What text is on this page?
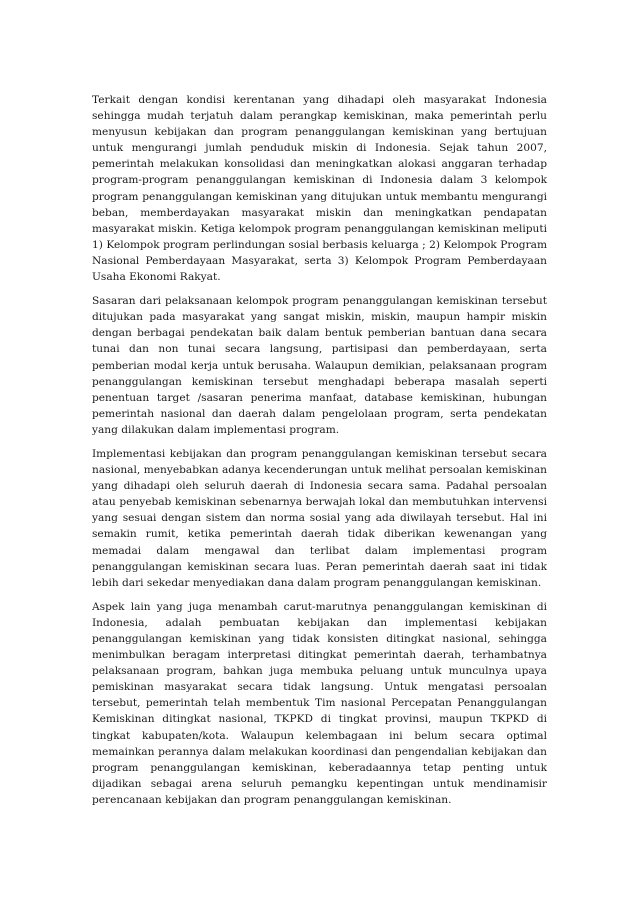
Terkait dengan kondisi kerentanan yang dihadapi oleh masyarakat Indonesia sehingga mudah terjatuh dalam perangkap kemiskinan, maka pemerintah perlu menyusun kebijakan dan program penanggulangan kemiskinan yang bertujuan untuk mengurangi jumlah penduduk miskin di Indonesia. Sejak tahun 2007, pemerintah melakukan konsolidasi dan meningkatkan alokasi anggaran terhadap program-program penanggulangan kemiskinan di Indonesia dalam 3 kelompok program penanggulangan kemiskinan yang ditujukan untuk membantu mengurangi beban, memberdayakan masyarakat miskin dan meningkatkan pendapatan masyarakat miskin. Ketiga kelompok program penanggulangan kemiskinan meliputi 1) Kelompok program perlindungan sosial berbasis keluarga ; 2) Kelompok Program Nasional Pemberdayaan Masyarakat, serta 3) Kelompok Program Pemberdayaan Usaha Ekonomi Rakyat.

Sasaran dari pelaksanaan kelompok program penanggulangan kemiskinan tersebut ditujukan pada masyarakat yang sangat miskin, miskin, maupun hampir miskin dengan berbagai pendekatan baik dalam bentuk pemberian bantuan dana secara tunai dan non tunai secara langsung, partisipasi dan pemberdayaan, serta pemberian modal kerja untuk berusaha. Walaupun demikian, pelaksanaan program penanggulangan kemiskinan tersebut menghadapi beberapa masalah seperti penentuan target /sasaran penerima manfaat, database kemiskinan, hubungan pemerintah nasional dan daerah dalam pengelolaan program, serta pendekatan yang dilakukan dalam implementasi program.

Implementasi kebijakan dan program penanggulangan kemiskinan tersebut secara nasional, menyebabkan adanya kecenderungan untuk melihat persoalan kemiskinan yang dihadapi oleh seluruh daerah di Indonesia secara sama. Padahal persoalan atau penyebab kemiskinan sebenarnya berwajah lokal dan membutuhkan intervensi yang sesuai dengan sistem dan norma sosial yang ada diwilayah tersebut. Hal ini semakin rumit, ketika pemerintah daerah tidak diberikan kewenangan yang memadai dalam mengawal dan terlibat dalam implementasi program penanggulangan kemiskinan secara luas. Peran pemerintah daerah saat ini tidak lebih dari sekedar menyediakan dana dalam program penanggulangan kemiskinan.

Aspek lain yang juga menambah carut-marutnya penanggulangan kemiskinan di Indonesia, adalah pembuatan kebijakan dan implementasi kebijakan penanggulangan kemiskinan yang tidak konsisten ditingkat nasional, sehingga menimbulkan beragam interpretasi ditingkat pemerintah daerah, terhambatnya pelaksanaan program, bahkan juga membuka peluang untuk munculnya upaya pemiskinan masyarakat secara tidak langsung. Untuk mengatasi persoalan tersebut, pemerintah telah membentuk Tim nasional Percepatan Penanggulangan Kemiskinan ditingkat nasional, TKPKD di tingkat provinsi, maupun TKPKD di tingkat kabupaten/kota. Walaupun kelembagaan ini belum secara optimal memainkan perannya dalam melakukan koordinasi dan pengendalian kebijakan dan program penanggulangan kemiskinan, keberadaannya tetap penting untuk dijadikan sebagai arena seluruh pemangku kepentingan untuk mendinamisir perencanaan kebijakan dan program penanggulangan kemiskinan.
